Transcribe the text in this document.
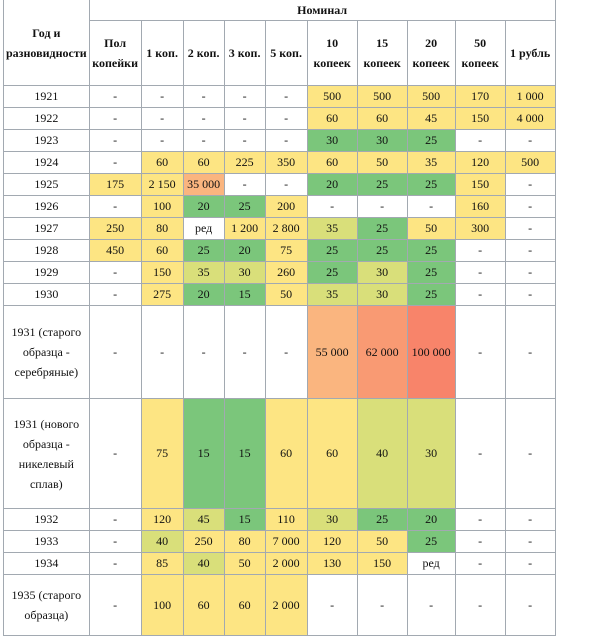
Год и разновидности	Номинал									
	Пол копейки	1 коп.	2 коп.	3 коп.	5 коп.	10 копеек	15 копеек	20 копеек	50 копеек	1 рубль
1921	-	-	-	-	-	500	500	500	170	1 000
1922	-	-	-	-	-	60	60	45	150	4 000
1923	-	-	-	-	-	30	30	25	-	-
1924	-	60	60	225	350	60	50	35	120	500
1925	175	2 150	35 000	-	-	20	25	25	150	-
1926	-	100	20	25	200	-	-	-	160	-
1927	250	80	ред	1 200	2 800	35	25	50	300	-
1928	450	60	25	20	75	25	25	25	-	-
1929	-	150	35	30	260	25	30	25	-	-
1930	-	275	20	15	50	35	30	25	-	-
1931 (старого образца - серебряные)	-	-	-	-	-	55 000	62 000	100 000	-	-
1931 (нового образца - никелевый сплав)	-	75	15	15	60	60	40	30	-	-
1932	-	120	45	15	110	30	25	20	-	-
1933	-	40	250	80	7 000	120	50	25	-	-
1934	-	85	40	50	2 000	130	150	ред	-	-
1935 (старого образца)	-	100	60	60	2 000	-	-	-	-	-
